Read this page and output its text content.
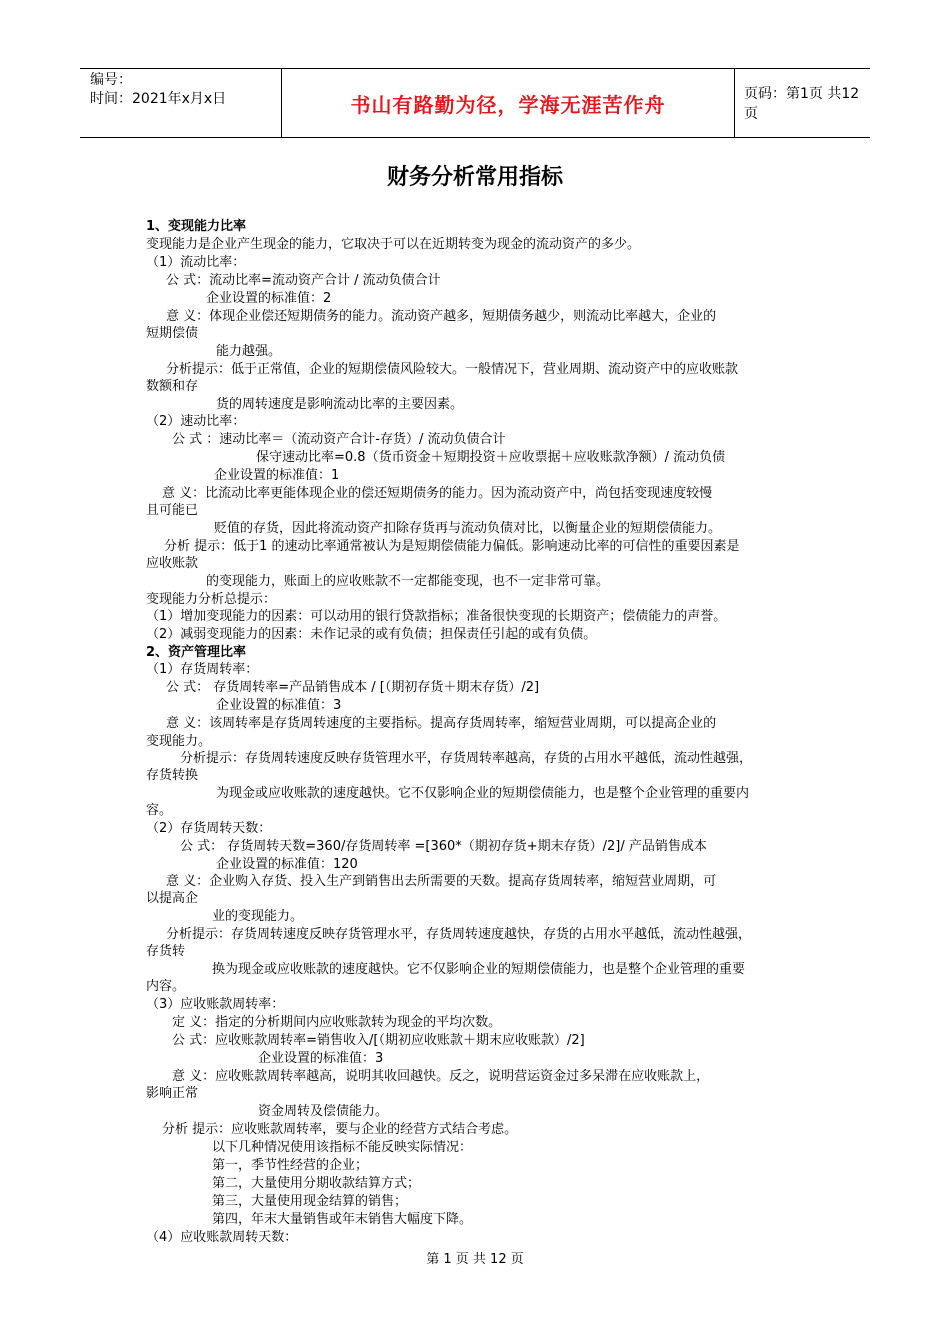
编号：
时间：2021年x月x日	书山有路勤为径，学海无涯苦作舟	页码：第1页 共12页
财务分析常用指标
1、变现能力比率
变现能力是企业产生现金的能力，它取决于可以在近期转变为现金的流动资产的多少。
（1）流动比率：
公 式：流动比率=流动资产合计 / 流动负债合计
企业设置的标准值：2
意 义：体现企业偿还短期债务的能力。流动资产越多，短期债务越少，则流动比率越大，企业的
短期偿债
能力越强。
分析提示：低于正常值，企业的短期偿债风险较大。一般情况下，营业周期、流动资产中的应收账款
数额和存
货的周转速度是影响流动比率的主要因素。
（2）速动比率：
公 式 ：速动比率＝（流动资产合计-存货）/ 流动负债合计
保守速动比率=0.8（货币资金＋短期投资＋应收票据＋应收账款净额）/ 流动负债
企业设置的标准值：1
意 义：比流动比率更能体现企业的偿还短期债务的能力。因为流动资产中，尚包括变现速度较慢
且可能已
贬值的存货，因此将流动资产扣除存货再与流动负债对比，以衡量企业的短期偿债能力。
分析 提示：低于1 的速动比率通常被认为是短期偿债能力偏低。影响速动比率的可信性的重要因素是
应收账款
的变现能力，账面上的应收账款不一定都能变现，也不一定非常可靠。
变现能力分析总提示：
（1）增加变现能力的因素：可以动用的银行贷款指标；准备很快变现的长期资产；偿债能力的声誉。
（2）减弱变现能力的因素：未作记录的或有负债；担保责任引起的或有负债。
2、资产管理比率
（1）存货周转率：
公 式： 存货周转率=产品销售成本 / [（期初存货＋期末存货）/2]
企业设置的标准值：3
意 义：该周转率是存货周转速度的主要指标。提高存货周转率，缩短营业周期，可以提高企业的
变现能力。
分析提示：存货周转速度反映存货管理水平，存货周转率越高，存货的占用水平越低，流动性越强，
存货转换
为现金或应收账款的速度越快。它不仅影响企业的短期偿债能力，也是整个企业管理的重要内
容。
（2）存货周转天数：
公 式： 存货周转天数=360/存货周转率 =[360*（期初存货+期末存货）/2]/ 产品销售成本
企业设置的标准值：120
意 义：企业购入存货、投入生产到销售出去所需要的天数。提高存货周转率，缩短营业周期，可
以提高企
业的变现能力。
分析提示：存货周转速度反映存货管理水平，存货周转速度越快，存货的占用水平越低，流动性越强，
存货转
换为现金或应收账款的速度越快。它不仅影响企业的短期偿债能力，也是整个企业管理的重要
内容。
（3）应收账款周转率：
定 义：指定的分析期间内应收账款转为现金的平均次数。
公 式：应收账款周转率=销售收入/[（期初应收账款＋期末应收账款）/2]
企业设置的标准值：3
意 义：应收账款周转率越高，说明其收回越快。反之，说明营运资金过多呆滞在应收账款上，
影响正常
资金周转及偿债能力。
分析 提示：应收账款周转率，要与企业的经营方式结合考虑。
以下几种情况使用该指标不能反映实际情况：
第一，季节性经营的企业；
第二，大量使用分期收款结算方式；
第三，大量使用现金结算的销售；
第四，年末大量销售或年末销售大幅度下降。
（4）应收账款周转天数：
第 1 页 共 12 页
